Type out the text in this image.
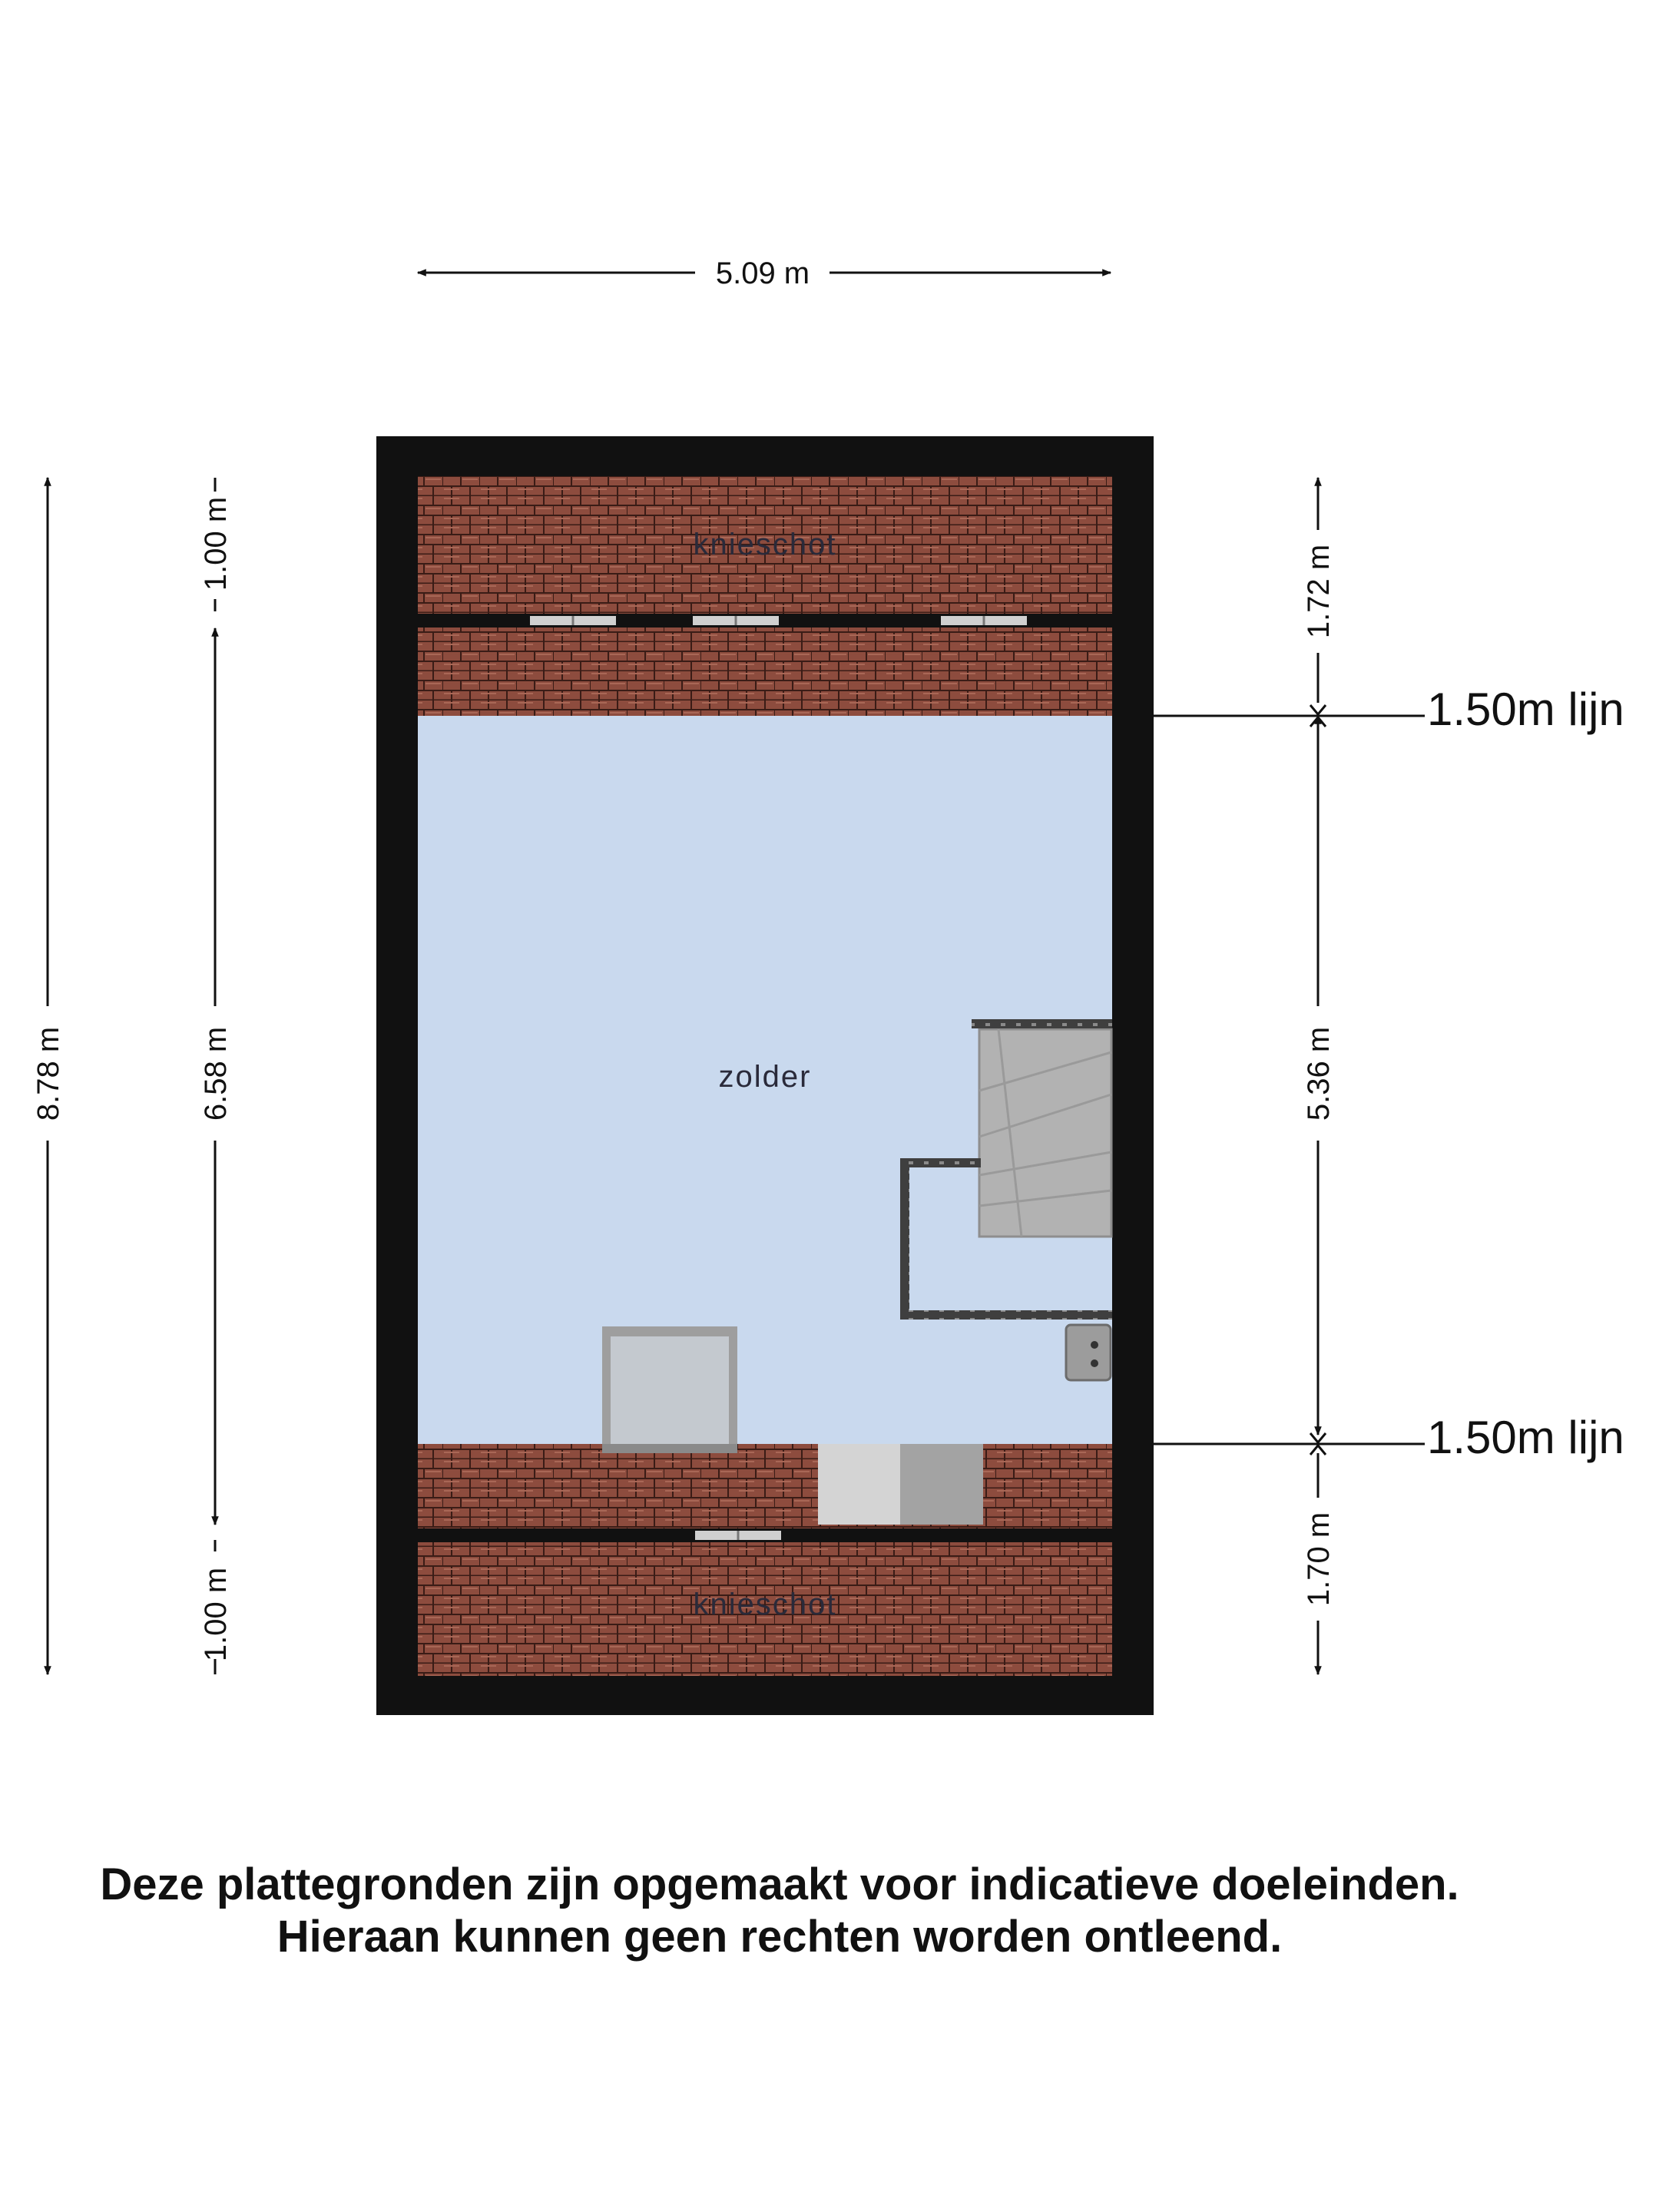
knieschot
zolder
knieschot
5.09 m
8.78 m
1.00 m
6.58 m
1.00 m
1.72 m
5.36 m
1.70 m
1.50m lijn
1.50m lijn
Deze plattegronden zijn opgemaakt voor indicatieve doeleinden.
Hieraan kunnen geen rechten worden ontleend.
